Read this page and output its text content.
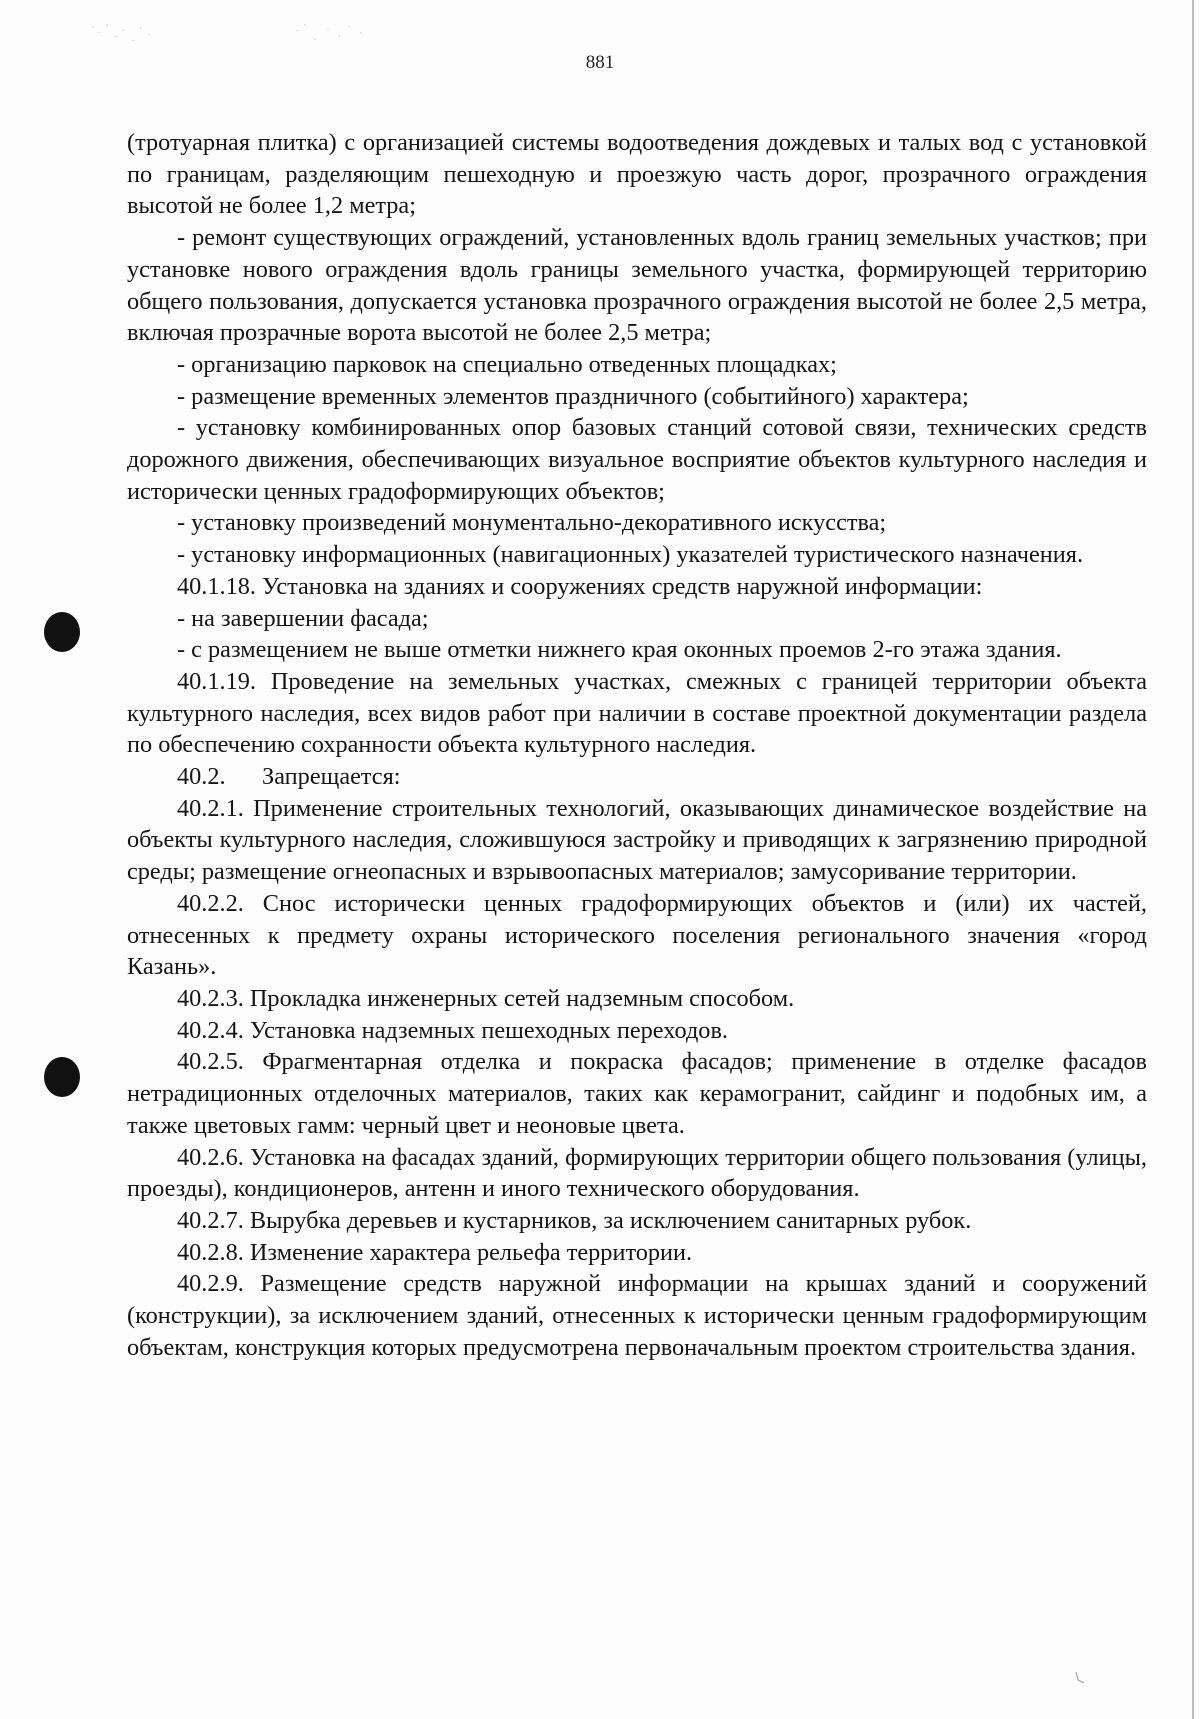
881

(тротуарная плитка) с организацией системы водоотведения дождевых и талых вод с установкой по границам, разделяющим пешеходную и проезжую часть дорог, прозрачного ограждения высотой не более 1,2 метра;

- ремонт существующих ограждений, установленных вдоль границ земельных участков; при установке нового ограждения вдоль границы земельного участка, формирующей территорию общего пользования, допускается установка прозрачного ограждения высотой не более 2,5 метра, включая прозрачные ворота высотой не более 2,5 метра;

- организацию парковок на специально отведенных площадках;

- размещение временных элементов праздничного (событийного) характера;

- установку комбинированных опор базовых станций сотовой связи, технических средств дорожного движения, обеспечивающих визуальное восприятие объектов культурного наследия и исторически ценных градоформирующих объектов;

- установку произведений монументально-декоративного искусства;

- установку информационных (навигационных) указателей туристического назначения.

40.1.18. Установка на зданиях и сооружениях средств наружной информации:

- на завершении фасада;

- с размещением не выше отметки нижнего края оконных проемов 2-го этажа здания.

40.1.19. Проведение на земельных участках, смежных с границей территории объекта культурного наследия, всех видов работ при наличии в составе проектной документации раздела по обеспечению сохранности объекта культурного наследия.

40.2.      Запрещается:

40.2.1. Применение строительных технологий, оказывающих динамическое воздействие на объекты культурного наследия, сложившуюся застройку и приводящих к загрязнению природной среды; размещение огнеопасных и взрывоопасных материалов; замусоривание территории.

40.2.2. Снос исторически ценных градоформирующих объектов и (или) их частей, отнесенных к предмету охраны исторического поселения регионального значения «город Казань».

40.2.3. Прокладка инженерных сетей надземным способом.

40.2.4. Установка надземных пешеходных переходов.

40.2.5. Фрагментарная отделка и покраска фасадов; применение в отделке фасадов нетрадиционных отделочных материалов, таких как керамогранит, сайдинг и подобных им, а также цветовых гамм: черный цвет и неоновые цвета.

40.2.6. Установка на фасадах зданий, формирующих территории общего пользования (улицы, проезды), кондиционеров, антенн и иного технического оборудования.

40.2.7. Вырубка деревьев и кустарников, за исключением санитарных рубок.

40.2.8. Изменение характера рельефа территории.

40.2.9. Размещение средств наружной информации на крышах зданий и сооружений (конструкции), за исключением зданий, отнесенных к исторически ценным градоформирующим объектам, конструкция которых предусмотрена первоначальным проектом строительства здания.
